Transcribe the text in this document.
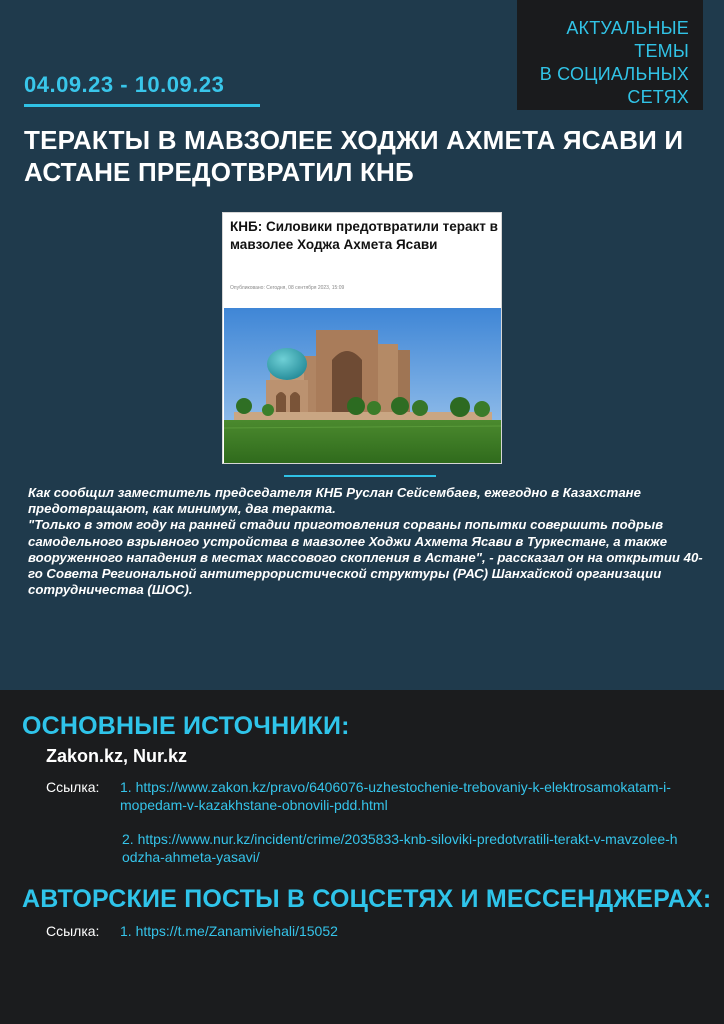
АКТУАЛЬНЫЕ ТЕМЫ
В СОЦИАЛЬНЫХ
СЕТЯХ
04.09.23 - 10.09.23
ТЕРАКТЫ В МАВЗОЛЕЕ ХОДЖИ АХМЕТА ЯСАВИ И АСТАНЕ ПРЕДОТВРАТИЛ КНБ
КНБ: Силовики предотвратили теракт в мавзолее Ходжа Ахмета Ясави
Опубликовано: Сегодня, 08 сентября 2023, 15:09

Как сообщил заместитель председателя КНБ Руслан Сейсембаев, ежегодно в Казахстане предотвращают, как минимум, два теракта.
"Только в этом году на ранней стадии приготовления сорваны попытки совершить подрыв самодельного взрывного устройства в мавзолее Ходжи Ахмета Ясави в Туркестане, а также вооруженного нападения в местах массового скопления в Астане", - рассказал он на открытии 40-го Совета Региональной антитеррористической структуры (РАС) Шанхайской организации сотрудничества (ШОС).

ОСНОВНЫЕ ИСТОЧНИКИ:
Zakon.kz, Nur.kz
Ссылка: 1. https://www.zakon.kz/pravo/6406076-uzhestochenie-trebovaniy-k-elektrosamokatam-i-mopedam-v-kazakhstane-obnovili-pdd.html
2. https://www.nur.kz/incident/crime/2035833-knb-siloviki-predotvratili-terakt-v-mavzolee-hodzha-ahmeta-yasavi/
АВТОРСКИЕ ПОСТЫ В СОЦСЕТЯХ И МЕССЕНДЖЕРАХ:
Ссылка: 1. https://t.me/Zanamiviehali/15052
